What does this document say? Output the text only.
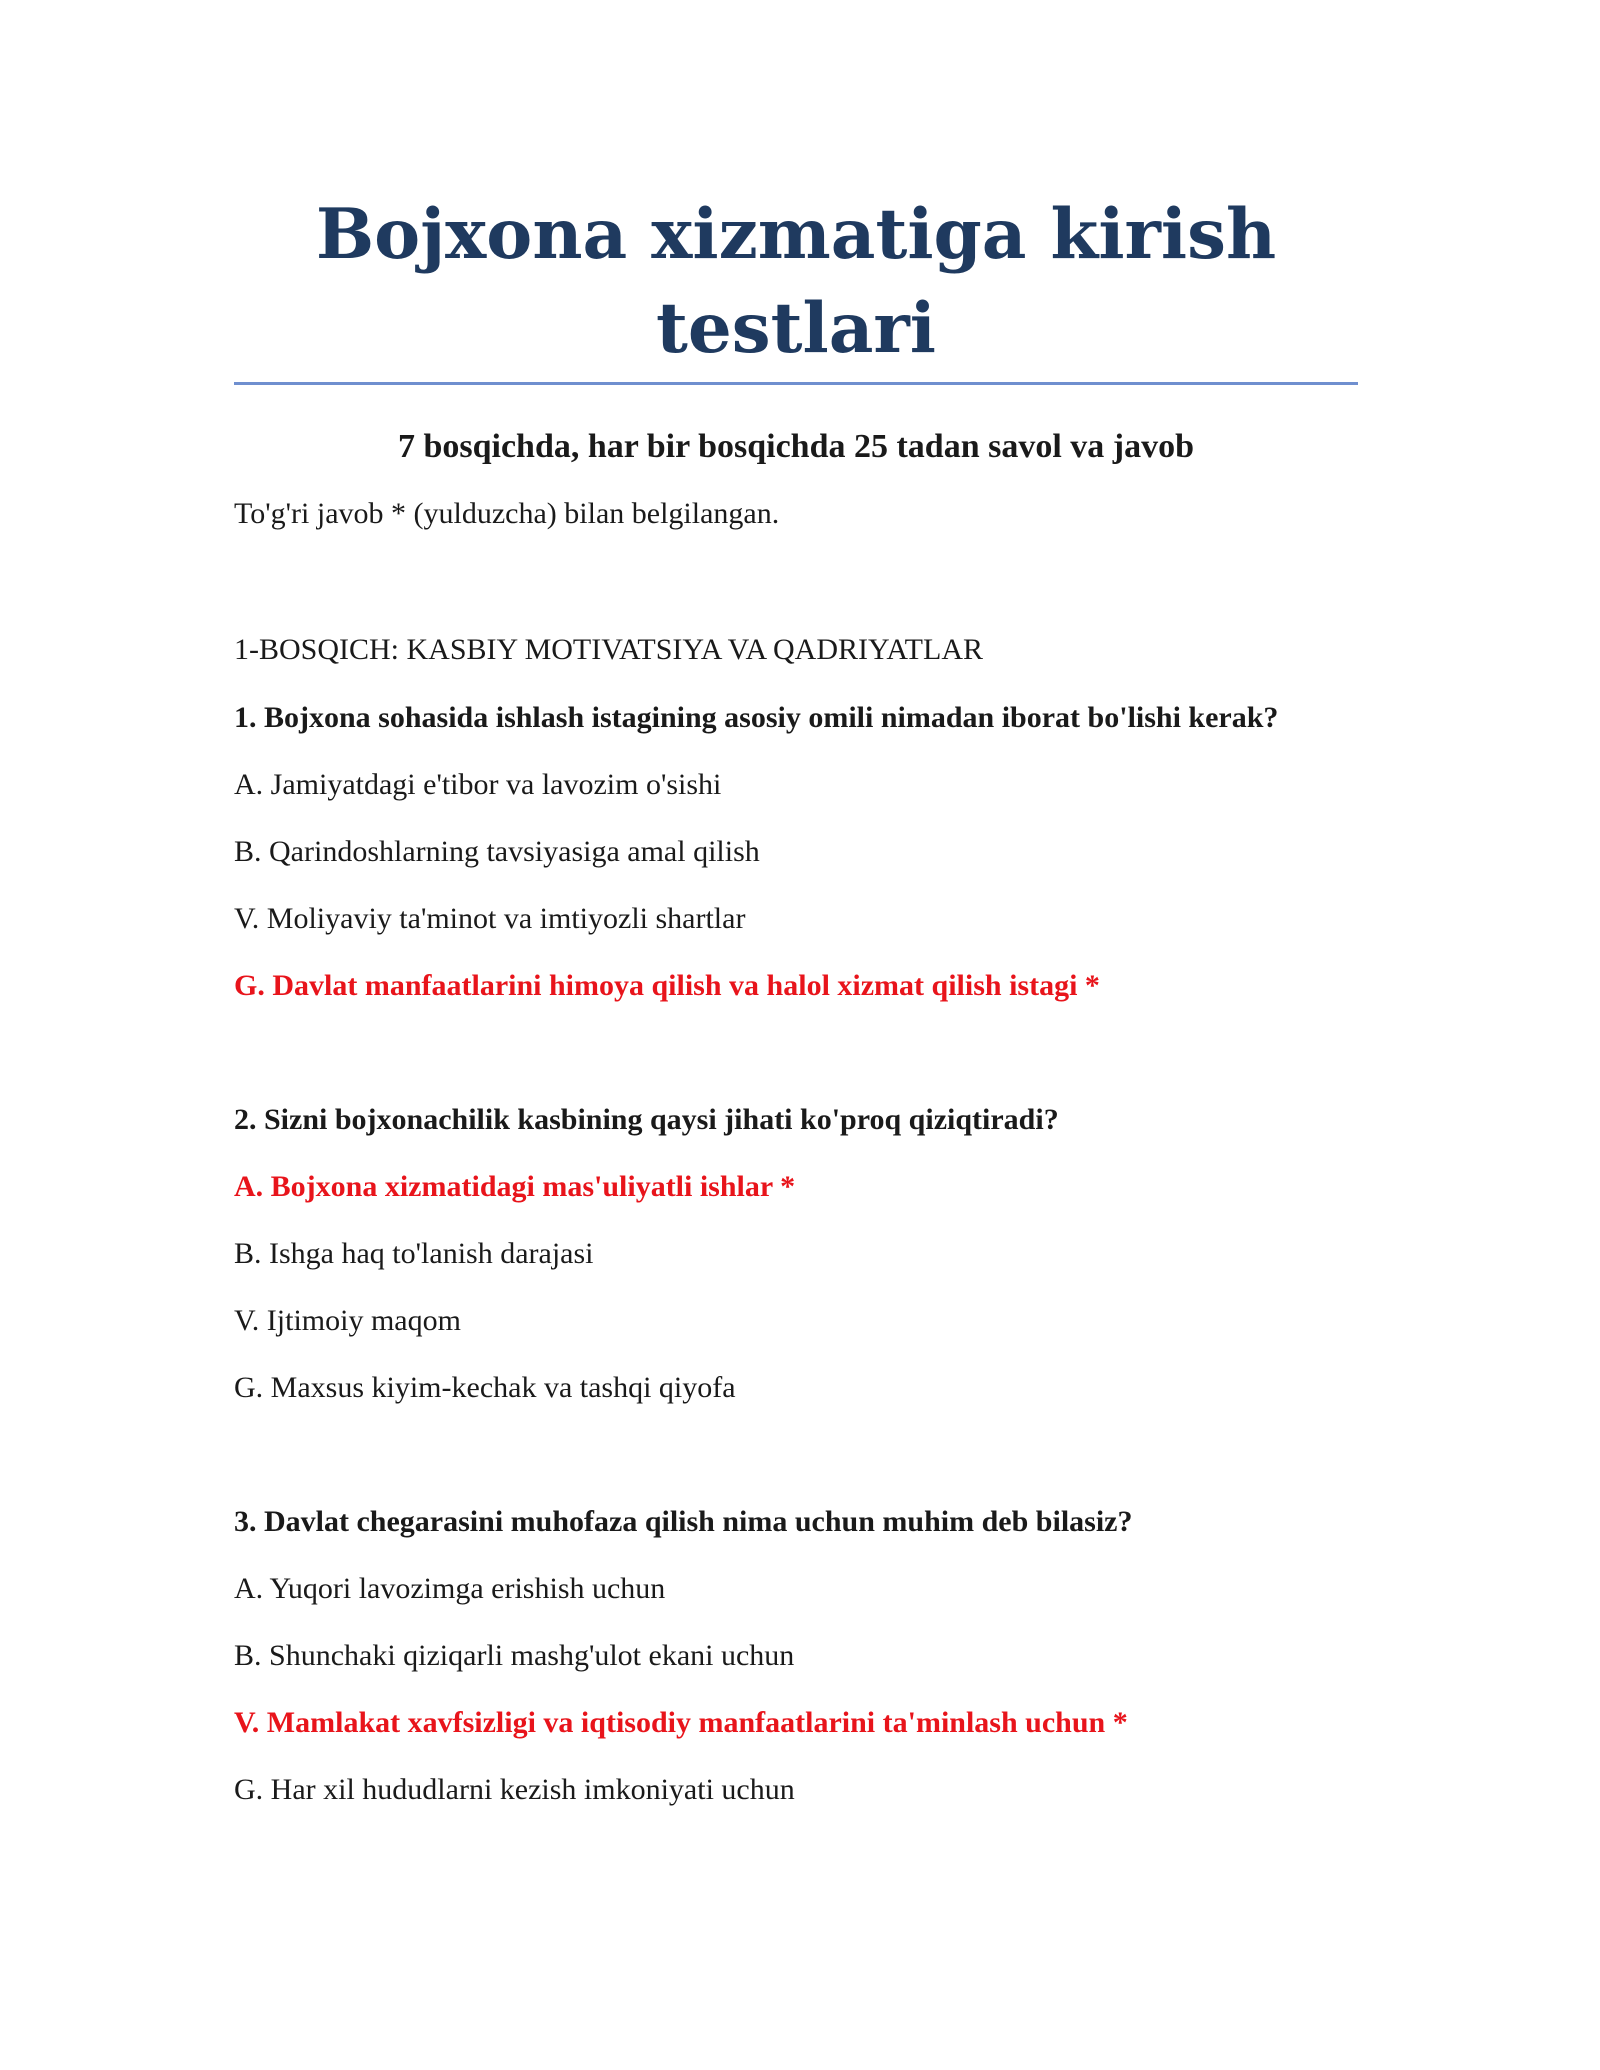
Bojxona xizmatiga kirish testlari
7 bosqichda, har bir bosqichda 25 tadan savol va javob

To'g'ri javob * (yulduzcha) bilan belgilangan.

1-BOSQICH: KASBIY MOTIVATSIYA VA QADRIYATLAR

1. Bojxona sohasida ishlash istagining asosiy omili nimadan iborat bo'lishi kerak?

A. Jamiyatdagi e'tibor va lavozim o'sishi

B. Qarindoshlarning tavsiyasiga amal qilish

V. Moliyaviy ta'minot va imtiyozli shartlar

G. Davlat manfaatlarini himoya qilish va halol xizmat qilish istagi *

2. Sizni bojxonachilik kasbining qaysi jihati ko'proq qiziqtiradi?

A. Bojxona xizmatidagi mas'uliyatli ishlar *

B. Ishga haq to'lanish darajasi

V. Ijtimoiy maqom

G. Maxsus kiyim-kechak va tashqi qiyofa

3. Davlat chegarasini muhofaza qilish nima uchun muhim deb bilasiz?

A. Yuqori lavozimga erishish uchun

B. Shunchaki qiziqarli mashg'ulot ekani uchun

V. Mamlakat xavfsizligi va iqtisodiy manfaatlarini ta'minlash uchun *

G. Har xil hududlarni kezish imkoniyati uchun
